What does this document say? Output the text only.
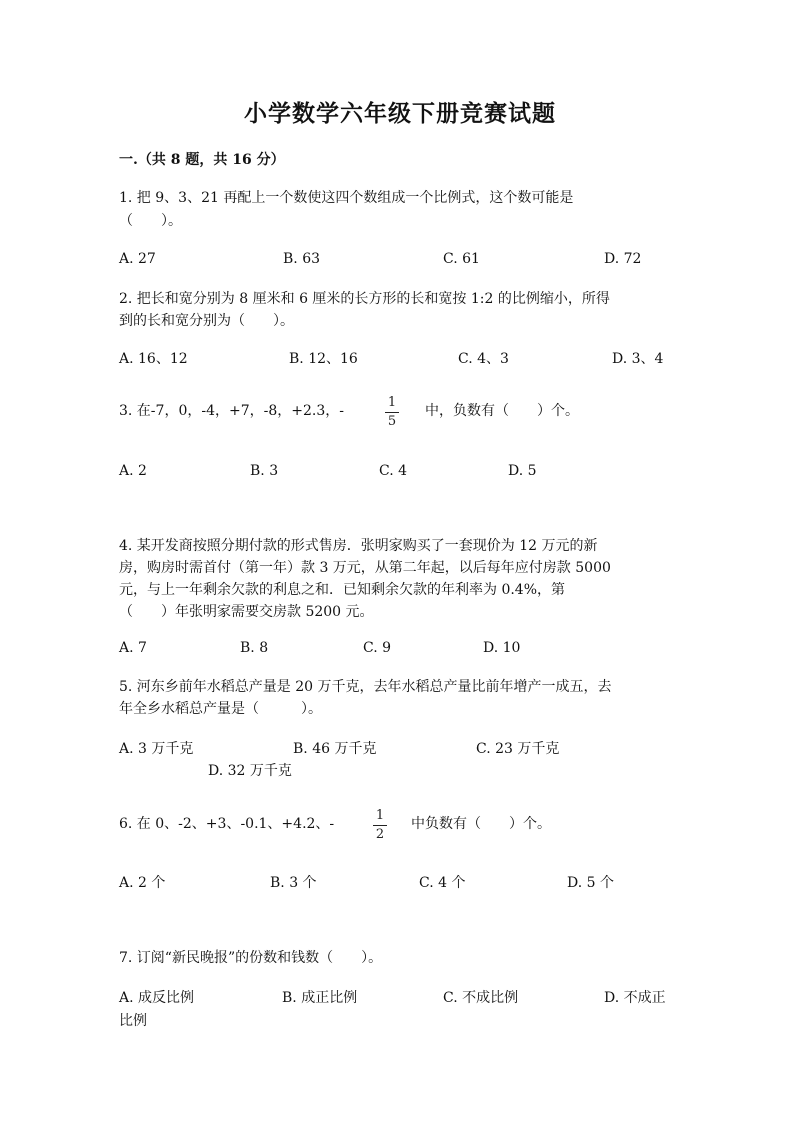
小学数学六年级下册竞赛试题
一.（共 8 题，共 16 分）
1. 把 9、3、21 再配上一个数使这四个数组成一个比例式，这个数可能是
（　　）。
A. 27	B. 63	C. 61	D. 72
2. 把长和宽分别为 8 厘米和 6 厘米的长方形的长和宽按 1:2 的比例缩小，所得
到的长和宽分别为（　　）。
A. 16、12	B. 12、16	C. 4、3	D. 3、4
3. 在-7，0，-4，+7，-8，+2.3，-
1
5
中，负数有（　　）个。
A. 2	B. 3	C. 4	D. 5
4. 某开发商按照分期付款的形式售房．张明家购买了一套现价为 12 万元的新
房，购房时需首付（第一年）款 3 万元，从第二年起，以后每年应付房款 5000
元，与上一年剩余欠款的利息之和．已知剩余欠款的年利率为 0.4%，第
（　　）年张明家需要交房款 5200 元。
A. 7	B. 8	C. 9	D. 10
5. 河东乡前年水稻总产量是 20 万千克，去年水稻总产量比前年增产一成五，去
年全乡水稻总产量是（　　　）。
A. 3 万千克	B. 46 万千克	C. 23 万千克
D. 32 万千克
6. 在 0、-2、+3、-0.1、+4.2、-
1
2
中负数有（　　）个。
A. 2 个	B. 3 个	C. 4 个	D. 5 个
7. 订阅“新民晚报”的份数和钱数（　　）。
A. 成反比例	B. 成正比例	C. 不成比例	D. 不成正
比例
